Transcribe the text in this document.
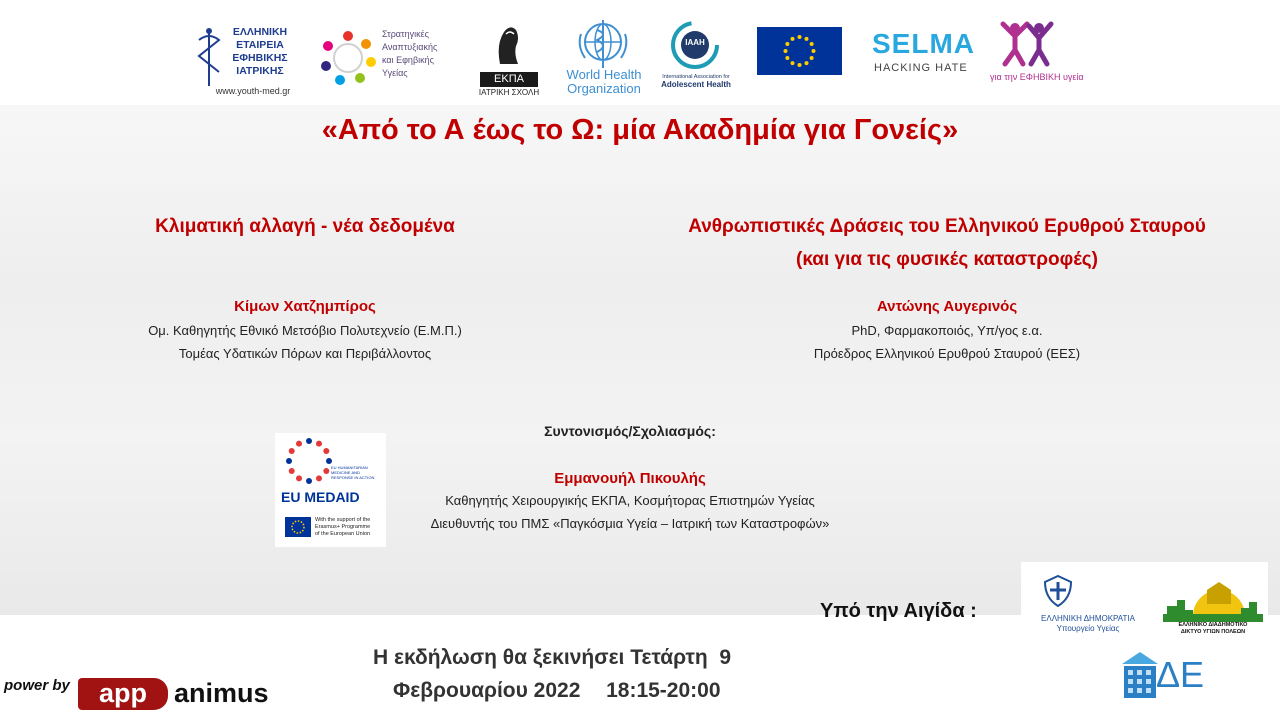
ΕΛΛΗΝΙΚΗ
ΕΤΑΙΡΕΙΑ
ΕΦΗΒΙΚΗΣ
ΙΑΤΡΙΚΗΣ
www.youth-med.gr
Στρατηγικές
Αναπτυξιακής
και Εφηβικής
Υγείας	ΕΚΠΑ
ΙΑΤΡΙΚΗ ΣΧΟΛΗ
World Health
Organization
IAAH
International Association for
Adolescent Health
SELMA
HACKING HATE
για την ΕΦΗΒΙΚΗ υγεία
«Από το Α έως το Ω: μία Ακαδημία για Γονείς»
Κλιματική αλλαγή - νέα δεδομένα
Κίμων Χατζημπίρος
Ομ. Καθηγητής Εθνικό Μετσόβιο Πολυτεχνείο (Ε.Μ.Π.)
Τομέας Υδατικών Πόρων και Περιβάλλοντος
Ανθρωπιστικές Δράσεις του Ελληνικού Ερυθρού Σταυρού
(και για τις φυσικές καταστροφές)
Αντώνης Αυγερινός
PhD, Φαρμακοποιός, Υπ/γος ε.α.
Πρόεδρος Ελληνικού Ερυθρού Σταυρού (ΕΕΣ)
Συντονισμός/Σχολιασμός:
Εμμανουήλ Πικουλής
Καθηγητής Χειρουργικής ΕΚΠΑ, Κοσμήτορας Επιστημών Υγείας
Διευθυντής του ΠΜΣ «Παγκόσμια Υγεία – Ιατρική των Καταστροφών»
EU HUMANITARIAN MEDICINE AND RESPONSE IN ACTION
EU MEDAID
With the support of the
Erasmus+ Programme
of the European Union
Υπό την Αιγίδα :	ΕΛΛΗΝΙΚΗ ΔΗΜΟΚΡΑΤΙΑ
Υπουργείο Υγείας	ΕΛΛΗΝΙΚΟ ΔΙΑΔΗΜΟΤΙΚΟ
ΔΙΚΤΥΟ ΥΓΙΩΝ ΠΟΛΕΩΝ
ΔΕ
Η εκδήλωση θα ξεκινήσει Τετάρτη  9
Φεβρουαρίου 2022 18:15-20:00
power by	app	animus
